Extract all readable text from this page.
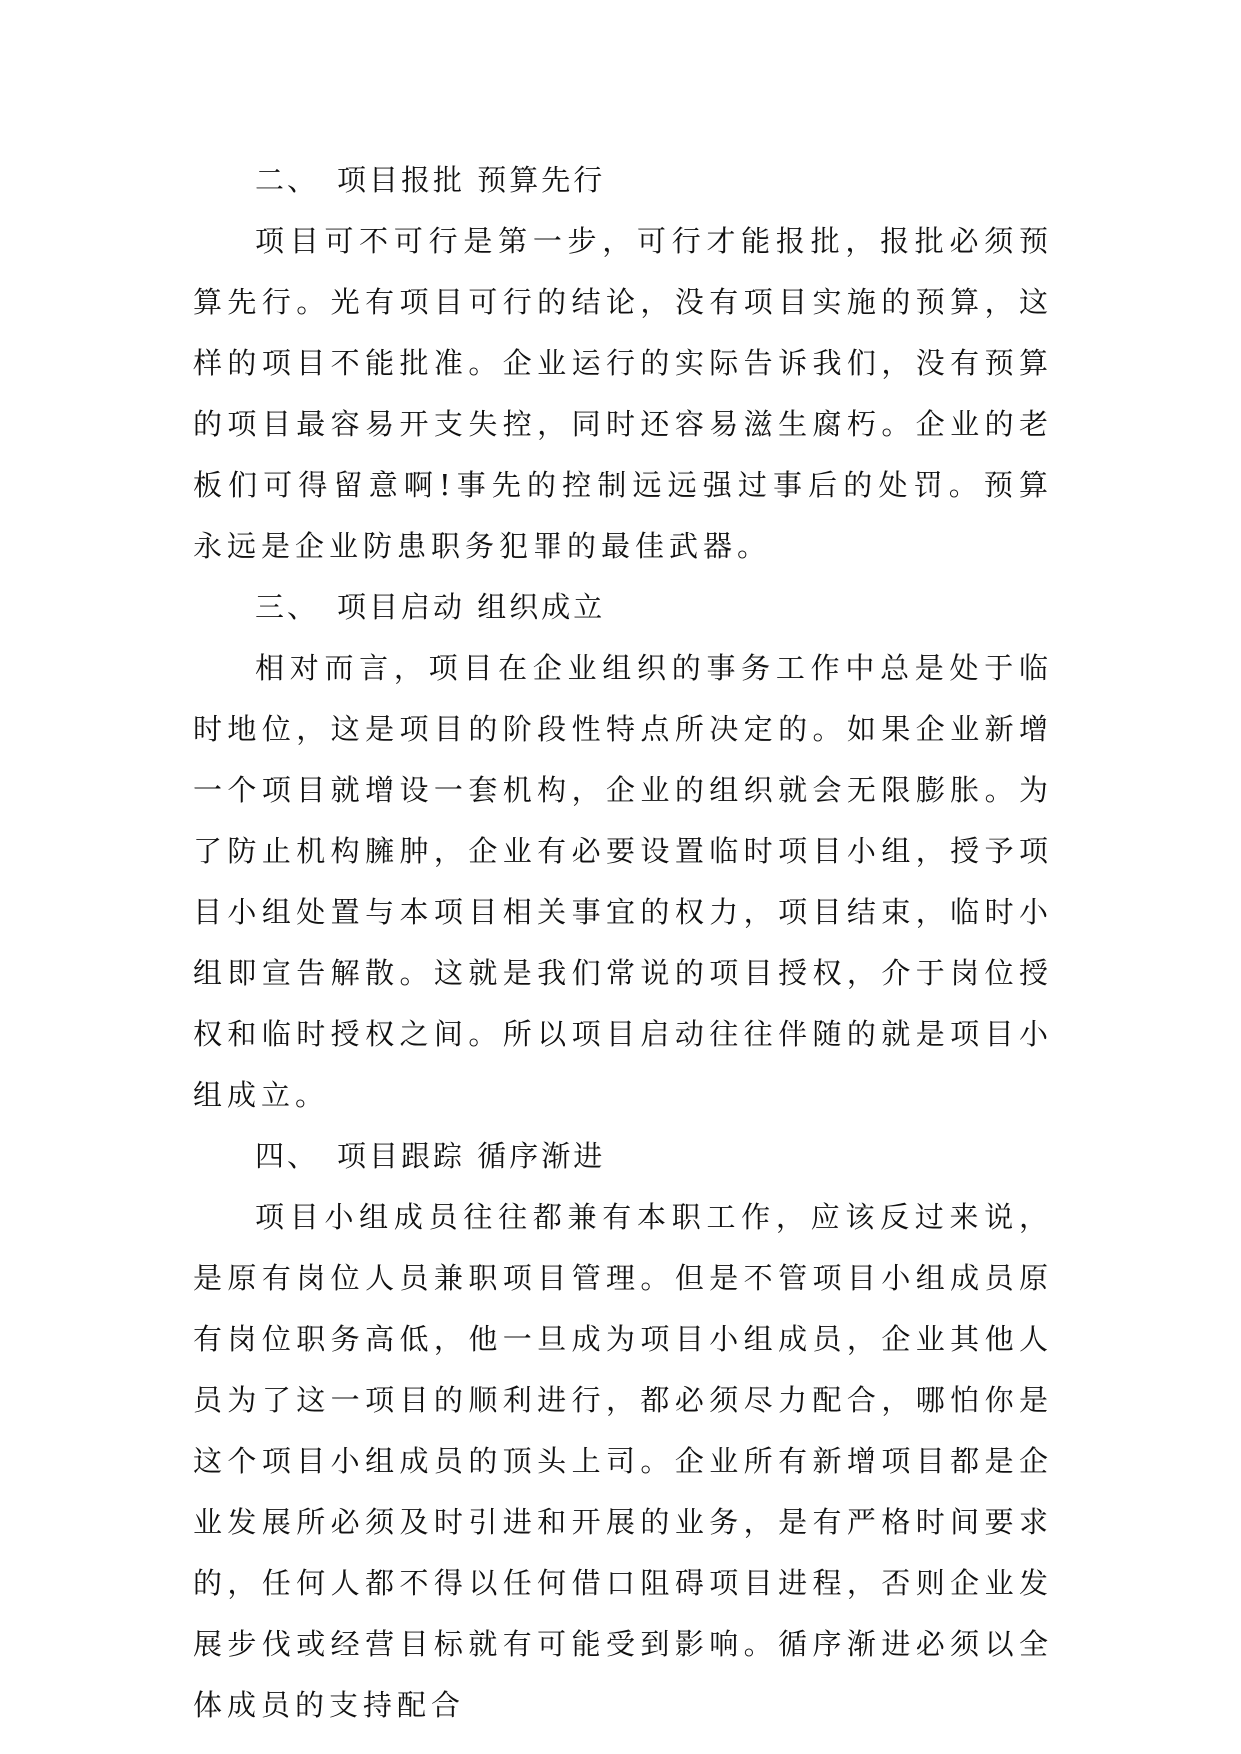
二、 项目报批 预算先行

项目可不可行是第一步，可行才能报批，报批必须预算先行。光有项目可行的结论，没有项目实施的预算，这样的项目不能批准。企业运行的实际告诉我们，没有预算的项目最容易开支失控，同时还容易滋生腐朽。企业的老板们可得留意啊!事先的控制远远强过事后的处罚。预算永远是企业防患职务犯罪的最佳武器。

三、 项目启动 组织成立

相对而言，项目在企业组织的事务工作中总是处于临时地位，这是项目的阶段性特点所决定的。如果企业新增一个项目就增设一套机构，企业的组织就会无限膨胀。为了防止机构臃肿，企业有必要设置临时项目小组，授予项目小组处置与本项目相关事宜的权力，项目结束，临时小组即宣告解散。这就是我们常说的项目授权，介于岗位授权和临时授权之间。所以项目启动往往伴随的就是项目小组成立。

四、 项目跟踪 循序渐进

项目小组成员往往都兼有本职工作，应该反过来说，是原有岗位人员兼职项目管理。但是不管项目小组成员原有岗位职务高低，他一旦成为项目小组成员，企业其他人员为了这一项目的顺利进行，都必须尽力配合，哪怕你是这个项目小组成员的顶头上司。企业所有新增项目都是企业发展所必须及时引进和开展的业务，是有严格时间要求的，任何人都不得以任何借口阻碍项目进程，否则企业发展步伐或经营目标就有可能受到影响。循序渐进必须以全体成员的支持配合
